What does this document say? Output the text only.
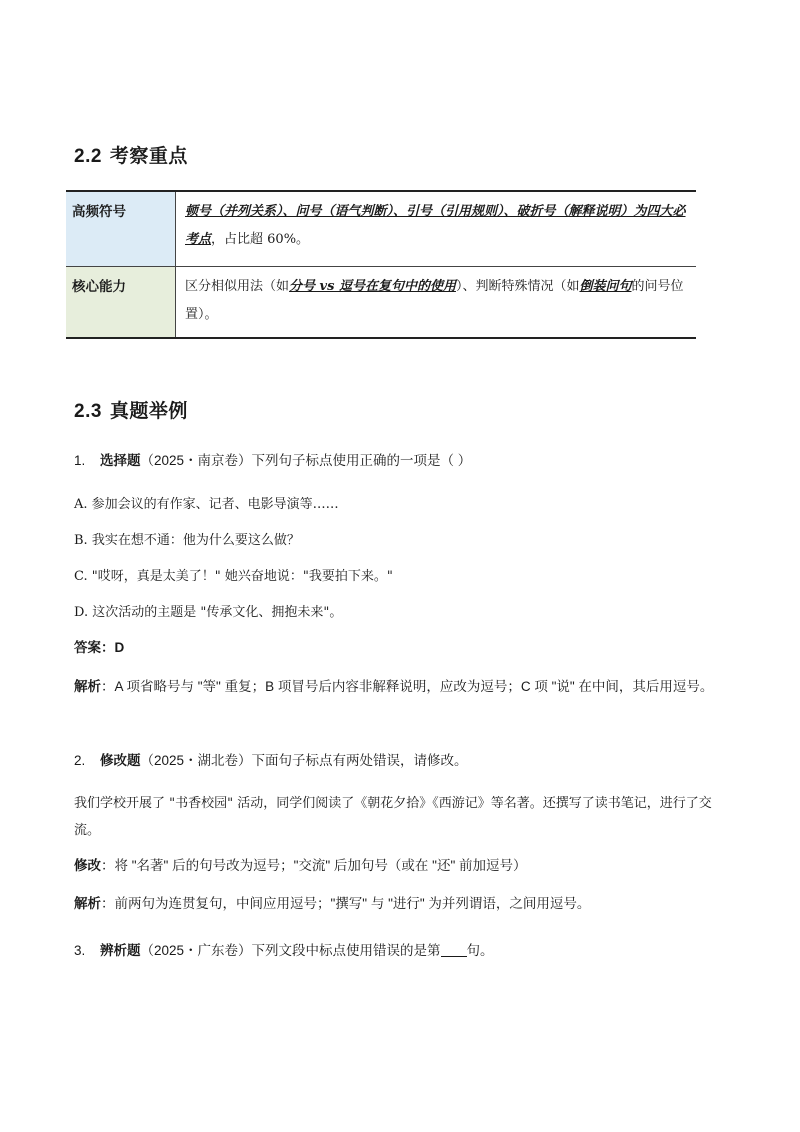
2.2 考察重点
高频符号	顿号（并列关系）、问号（语气判断）、引号（引用规则）、破折号（解释说明）为四大必考点，占比超 60%。
核心能力	区分相似用法（如分号 vs 逗号在复句中的使用）、判断特殊情况（如倒装问句的问号位置）。
2.3 真题举例

1. 选择题（2025・南京卷）下列句子标点使用正确的一项是（ ）

A. 参加会议的有作家、记者、电影导演等……

B. 我实在想不通：他为什么要这么做？

C. "哎呀，真是太美了！" 她兴奋地说："我要拍下来。"

D. 这次活动的主题是 "传承文化、拥抱未来"。

答案：D

解析：A 项省略号与 "等" 重复；B 项冒号后内容非解释说明，应改为逗号；C 项 "说" 在中间，其后用逗号。

2. 修改题（2025・湖北卷）下面句子标点有两处错误，请修改。

我们学校开展了 "书香校园" 活动，同学们阅读了《朝花夕拾》《西游记》等名著。还撰写了读书笔记，进行了交流。

修改：将 "名著" 后的句号改为逗号；"交流" 后加句号（或在 "还" 前加逗号）

解析：前两句为连贯复句，中间应用逗号；"撰写" 与 "进行" 为并列谓语，之间用逗号。

3. 辨析题（2025・广东卷）下列文段中标点使用错误的是第 句。
